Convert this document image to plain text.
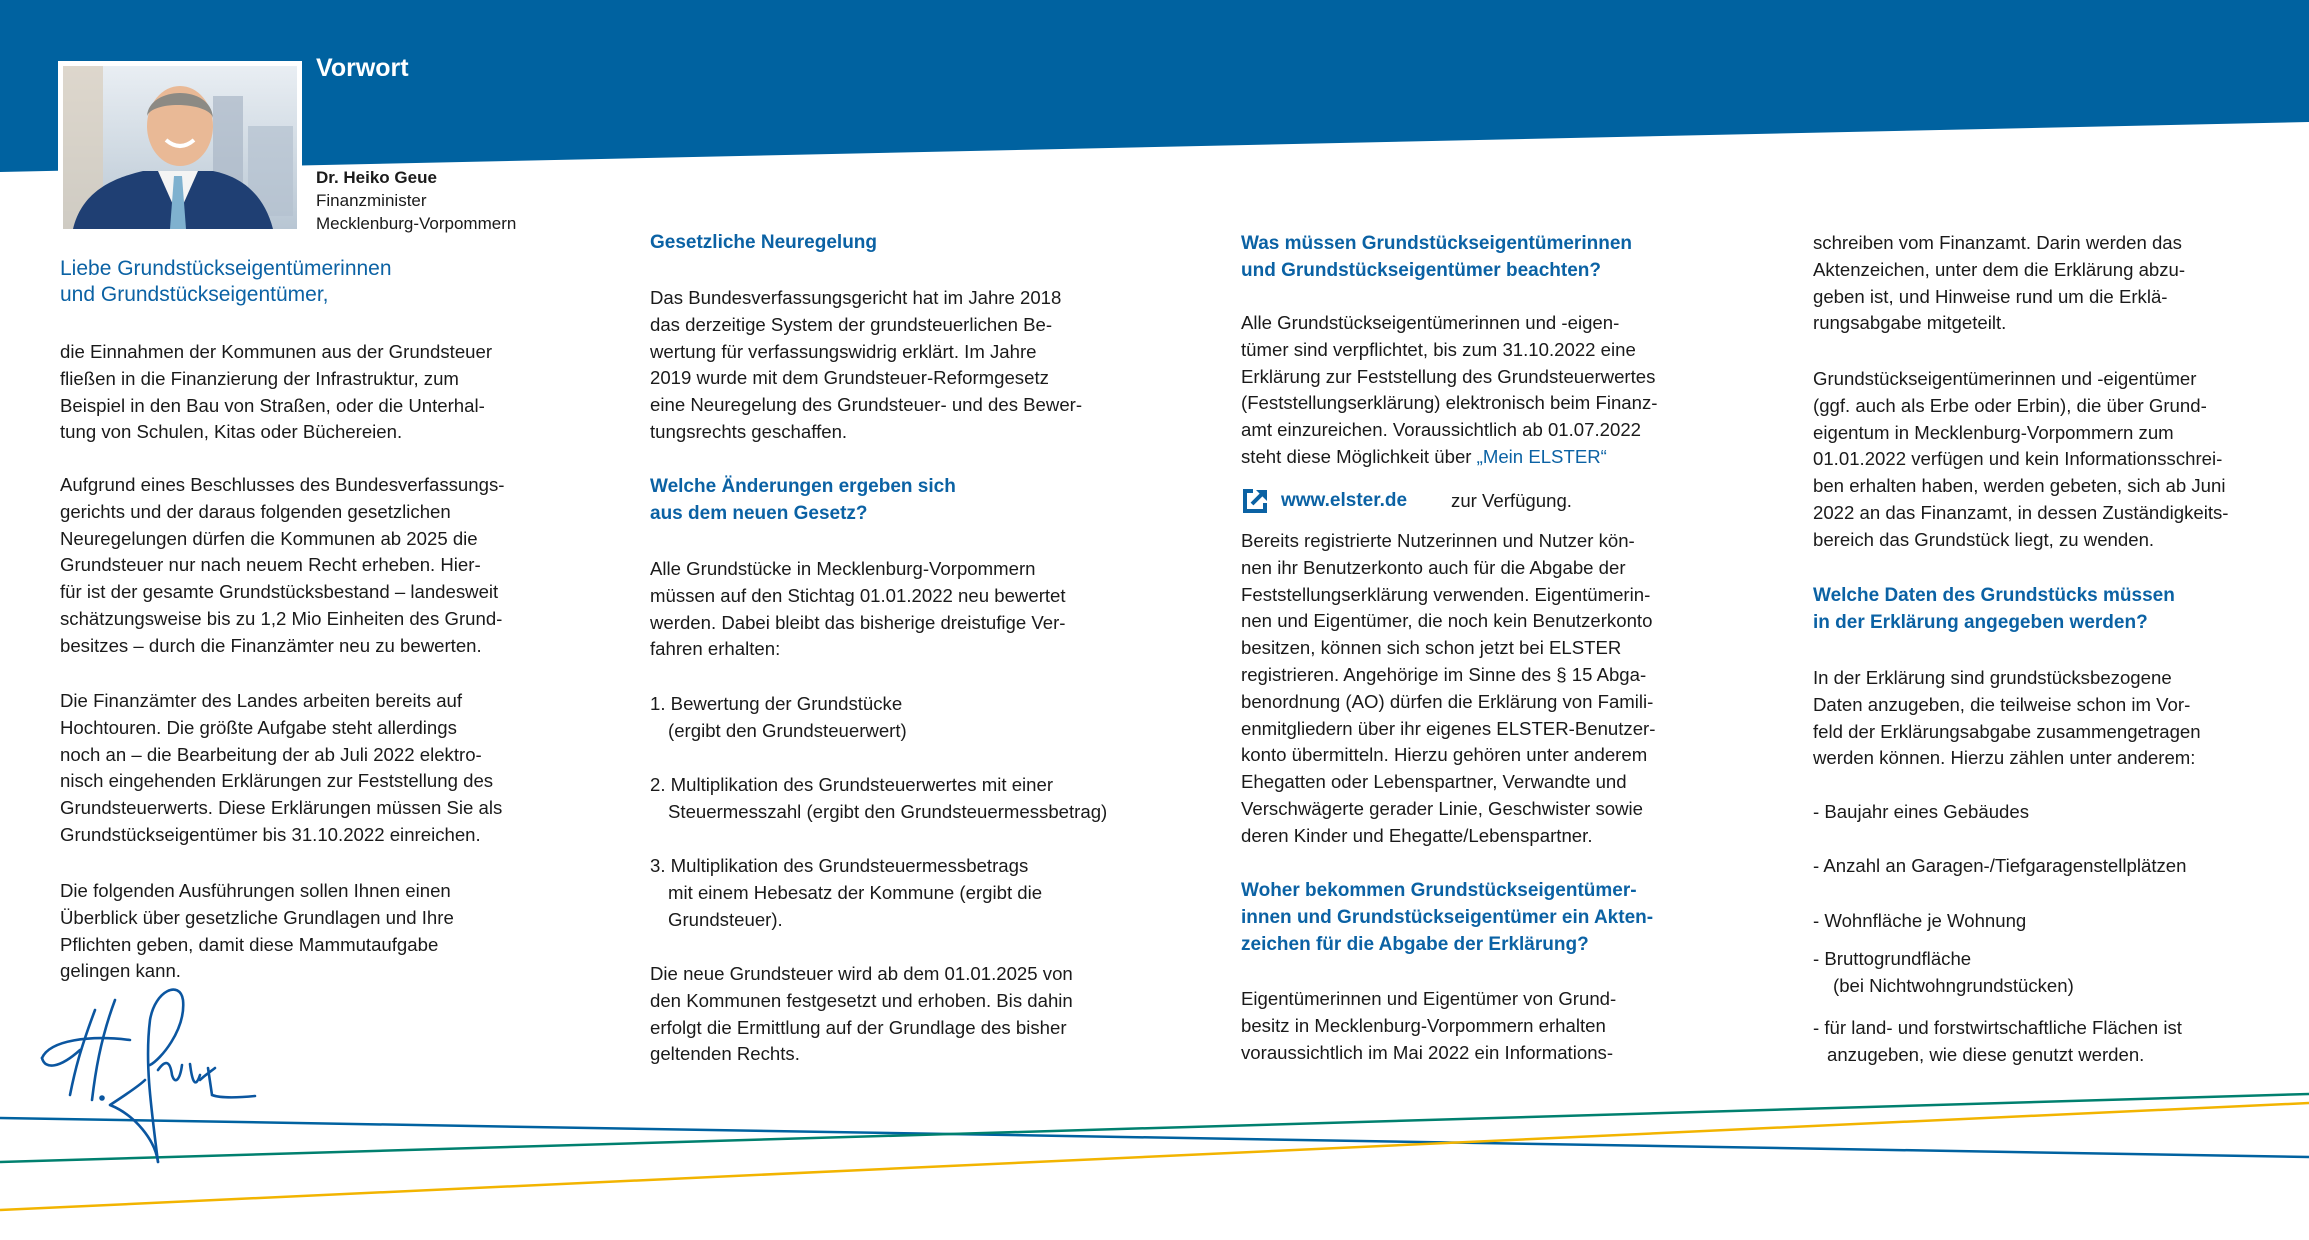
Vorwort
Dr. Heiko Geue
Finanzminister
Mecklenburg-Vorpommern
Liebe Grundstückseigentümerinnen
und Grundstückseigentümer,
die Einnahmen der Kommunen aus der Grundsteuer
fließen in die Finanzierung der Infrastruktur, zum
Beispiel in den Bau von Straßen, oder die Unterhal-
tung von Schulen, Kitas oder Büchereien.
Aufgrund eines Beschlusses des Bundesverfassungs-
gerichts und der daraus folgenden gesetzlichen
Neuregelungen dürfen die Kommunen ab 2025 die
Grundsteuer nur nach neuem Recht erheben. Hier-
für ist der gesamte Grundstücksbestand – landesweit
schätzungsweise bis zu 1,2 Mio Einheiten des Grund-
besitzes – durch die Finanzämter neu zu bewerten.
Die Finanzämter des Landes arbeiten bereits auf
Hochtouren. Die größte Aufgabe steht allerdings
noch an – die Bearbeitung der ab Juli 2022 elektro-
nisch eingehenden Erklärungen zur Feststellung des
Grundsteuerwerts. Diese Erklärungen müssen Sie als
Grundstückseigentümer bis 31.10.2022 einreichen.
Die folgenden Ausführungen sollen Ihnen einen
Überblick über gesetzliche Grundlagen und Ihre
Pflichten geben, damit diese Mammutaufgabe
gelingen kann.
Gesetzliche Neuregelung
Das Bundesverfassungsgericht hat im Jahre 2018
das derzeitige System der grundsteuerlichen Be-
wertung für verfassungswidrig erklärt. Im Jahre
2019 wurde mit dem Grundsteuer-Reformgesetz
eine Neuregelung des Grundsteuer- und des Bewer-
tungsrechts geschaffen.
Welche Änderungen ergeben sich
aus dem neuen Gesetz?
Alle Grundstücke in Mecklenburg-Vorpommern
müssen auf den Stichtag 01.01.2022 neu bewertet
werden. Dabei bleibt das bisherige dreistufige Ver-
fahren erhalten:
1. Bewertung der Grundstücke
(ergibt den Grundsteuerwert)
2. Multiplikation des Grundsteuerwertes mit einer
Steuermesszahl (ergibt den Grundsteuermessbetrag)
3. Multiplikation des Grundsteuermessbetrags
mit einem Hebesatz der Kommune (ergibt die
Grundsteuer).
Die neue Grundsteuer wird ab dem 01.01.2025 von
den Kommunen festgesetzt und erhoben. Bis dahin
erfolgt die Ermittlung auf der Grundlage des bisher
geltenden Rechts.
Was müssen Grundstückseigentümerinnen
und Grundstückseigentümer beachten?
Alle Grundstückseigentümerinnen und -eigen-
tümer sind verpflichtet, bis zum 31.10.2022 eine
Erklärung zur Feststellung des Grundsteuerwertes
(Feststellungserklärung) elektronisch beim Finanz-
amt einzureichen. Voraussichtlich ab 01.07.2022
steht diese Möglichkeit über „Mein ELSTER“
www.elster.de zur Verfügung.
Bereits registrierte Nutzerinnen und Nutzer kön-
nen ihr Benutzerkonto auch für die Abgabe der
Feststellungserklärung verwenden. Eigentümerin-
nen und Eigentümer, die noch kein Benutzerkonto
besitzen, können sich schon jetzt bei ELSTER
registrieren. Angehörige im Sinne des § 15 Abga-
benordnung (AO) dürfen die Erklärung von Famili-
enmitgliedern über ihr eigenes ELSTER-Benutzer-
konto übermitteln. Hierzu gehören unter anderem
Ehegatten oder Lebenspartner, Verwandte und
Verschwägerte gerader Linie, Geschwister sowie
deren Kinder und Ehegatte/Lebenspartner.
Woher bekommen Grundstückseigentümer-
innen und Grundstückseigentümer ein Akten-
zeichen für die Abgabe der Erklärung?
Eigentümerinnen und Eigentümer von Grund-
besitz in Mecklenburg-Vorpommern erhalten
voraussichtlich im Mai 2022 ein Informations-
schreiben vom Finanzamt. Darin werden das
Aktenzeichen, unter dem die Erklärung abzu-
geben ist, und Hinweise rund um die Erklä-
rungsabgabe mitgeteilt.
Grundstückseigentümerinnen und -eigentümer
(ggf. auch als Erbe oder Erbin), die über Grund-
eigentum in Mecklenburg-Vorpommern zum
01.01.2022 verfügen und kein Informationsschrei-
ben erhalten haben, werden gebeten, sich ab Juni
2022 an das Finanzamt, in dessen Zuständigkeits-
bereich das Grundstück liegt, zu wenden.
Welche Daten des Grundstücks müssen
in der Erklärung angegeben werden?
In der Erklärung sind grundstücksbezogene
Daten anzugeben, die teilweise schon im Vor-
feld der Erklärungsabgabe zusammengetragen
werden können. Hierzu zählen unter anderem:
- Baujahr eines Gebäudes
- Anzahl an Garagen-/Tiefgaragenstellplätzen
- Wohnfläche je Wohnung
- Bruttogrundfläche
(bei Nichtwohngrundstücken)
- für land- und forstwirtschaftliche Flächen ist
anzugeben, wie diese genutzt werden.
